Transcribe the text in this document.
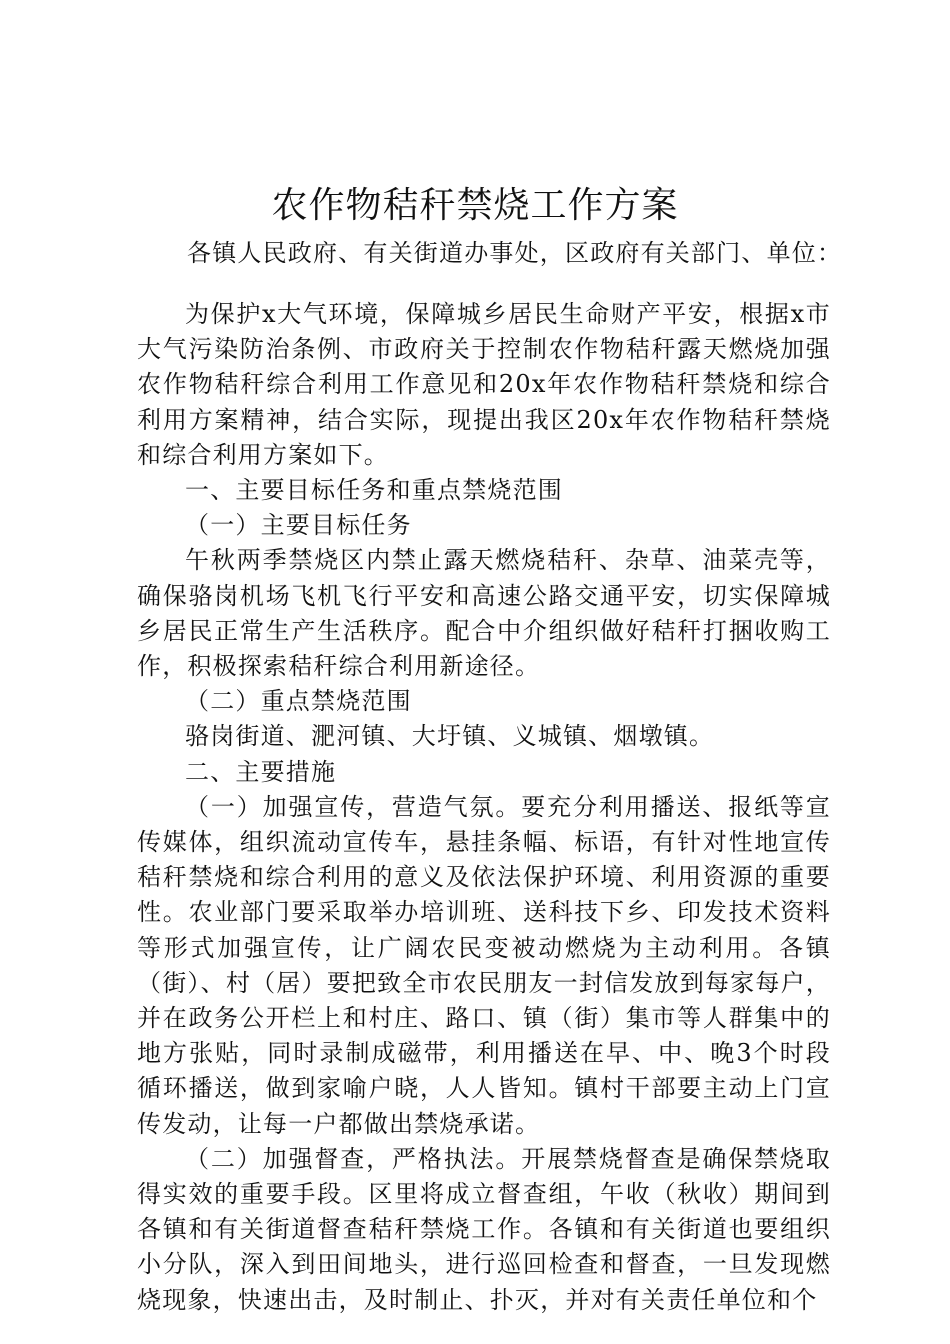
农作物秸秆禁烧工作方案

各镇人民政府、有关街道办事处，区政府有关部门、单位：

为保护x大气环境，保障城乡居民生命财产平安，根据x市大气污染防治条例、市政府关于控制农作物秸秆露天燃烧加强农作物秸秆综合利用工作意见和20x年农作物秸秆禁烧和综合利用方案精神，结合实际，现提出我区20x年农作物秸秆禁烧和综合利用方案如下。

一、主要目标任务和重点禁烧范围

（一）主要目标任务

午秋两季禁烧区内禁止露天燃烧秸秆、杂草、油菜壳等，确保骆岗机场飞机飞行平安和高速公路交通平安，切实保障城乡居民正常生产生活秩序。配合中介组织做好秸秆打捆收购工作，积极探索秸秆综合利用新途径。

（二）重点禁烧范围

骆岗街道、淝河镇、大圩镇、义城镇、烟墩镇。

二、主要措施

（一）加强宣传，营造气氛。要充分利用播送、报纸等宣传媒体，组织流动宣传车，悬挂条幅、标语，有针对性地宣传秸秆禁烧和综合利用的意义及依法保护环境、利用资源的重要性。农业部门要采取举办培训班、送科技下乡、印发技术资料等形式加强宣传，让广阔农民变被动燃烧为主动利用。各镇（街）、村（居）要把致全市农民朋友一封信发放到每家每户，并在政务公开栏上和村庄、路口、镇（街）集市等人群集中的地方张贴，同时录制成磁带，利用播送在早、中、晚3个时段循环播送，做到家喻户晓，人人皆知。镇村干部要主动上门宣传发动，让每一户都做出禁烧承诺。

（二）加强督查，严格执法。开展禁烧督查是确保禁烧取得实效的重要手段。区里将成立督查组，午收（秋收）期间到各镇和有关街道督查秸秆禁烧工作。各镇和有关街道也要组织小分队，深入到田间地头，进行巡回检查和督查，一旦发现燃烧现象，快速出击，及时制止、扑灭，并对有关责任单位和个
